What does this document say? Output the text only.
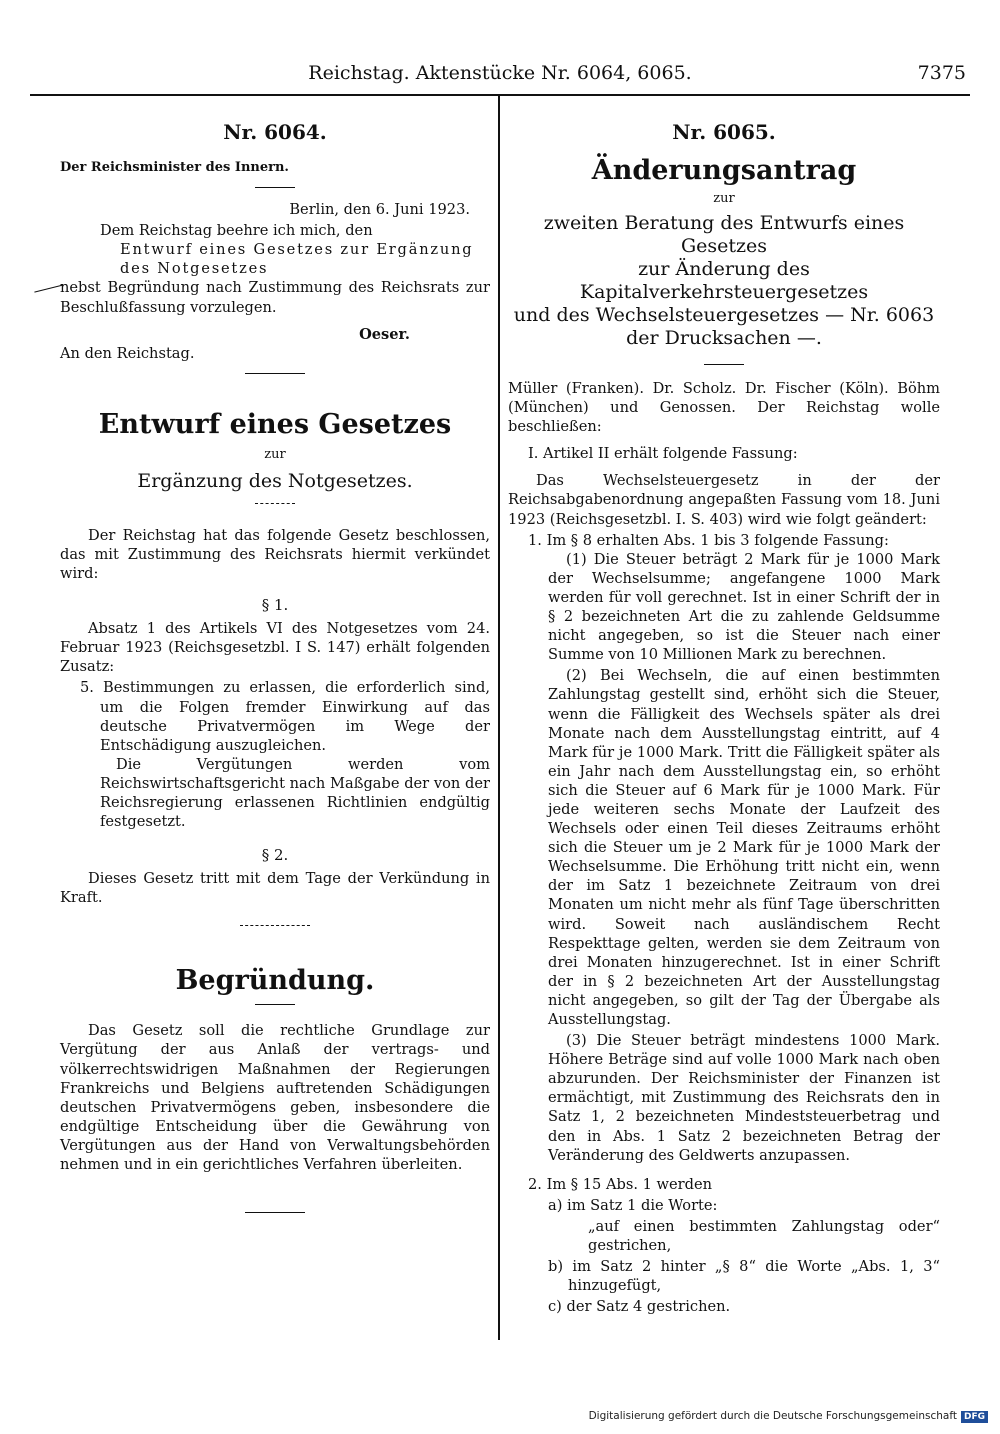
Reichstag. Aktenstücke Nr. 6064, 6065.	7375

Nr. 6064.

Der Reichsminister des Innern.

Berlin, den 6. Juni 1923.

Dem Reichstag beehre ich mich, den

Entwurf eines Gesetzes zur Ergänzung

des Notgesetzes

nebst Begründung nach Zustimmung des Reichsrats zur Beschlußfassung vorzulegen.

Oeser.

An den Reichstag.

Entwurf eines Gesetzes

zur

Ergänzung des Notgesetzes.

Der Reichstag hat das folgende Gesetz beschlossen, das mit Zustimmung des Reichsrats hiermit verkündet wird:

§ 1.

Absatz 1 des Artikels VI des Notgesetzes vom 24. Februar 1923 (Reichsgesetzbl. I S. 147) erhält folgenden Zusatz:

5. Bestimmungen zu erlassen, die erforderlich sind, um die Folgen fremder Einwirkung auf das deutsche Privatvermögen im Wege der Entschädigung auszugleichen.

Die Vergütungen werden vom Reichswirtschaftsgericht nach Maßgabe der von der Reichsregierung erlassenen Richtlinien endgültig festgesetzt.

§ 2.

Dieses Gesetz tritt mit dem Tage der Verkündung in Kraft.

Begründung.

Das Gesetz soll die rechtliche Grundlage zur Vergütung der aus Anlaß der vertrags- und völkerrechtswidrigen Maßnahmen der Regierungen Frankreichs und Belgiens auftretenden Schädigungen deutschen Privatvermögens geben, insbesondere die endgültige Entscheidung über die Gewährung von Vergütungen aus der Hand von Verwaltungsbehörden nehmen und in ein gerichtliches Verfahren überleiten.

Nr. 6065.

Änderungsantrag

zur

zweiten Beratung des Entwurfs eines Gesetzes

zur Änderung des Kapitalverkehrsteuergesetzes

und des Wechselsteuergesetzes — Nr. 6063

der Drucksachen —.

Müller (Franken). Dr. Scholz. Dr. Fischer (Köln). Böhm (München) und Genossen. Der Reichstag wolle beschließen:

I. Artikel II erhält folgende Fassung:

Das Wechselsteuergesetz in der der Reichsabgabenordnung angepaßten Fassung vom 18. Juni 1923 (Reichsgesetzbl. I. S. 403) wird wie folgt geändert:

1. Im § 8 erhalten Abs. 1 bis 3 folgende Fassung:

(1) Die Steuer beträgt 2 Mark für je 1000 Mark der Wechselsumme; angefangene 1000 Mark werden für voll gerechnet. Ist in einer Schrift der in § 2 bezeichneten Art die zu zahlende Geldsumme nicht angegeben, so ist die Steuer nach einer Summe von 10 Millionen Mark zu berechnen.

(2) Bei Wechseln, die auf einen bestimmten Zahlungstag gestellt sind, erhöht sich die Steuer, wenn die Fälligkeit des Wechsels später als drei Monate nach dem Ausstellungstag eintritt, auf 4 Mark für je 1000 Mark. Tritt die Fälligkeit später als ein Jahr nach dem Ausstellungstag ein, so erhöht sich die Steuer auf 6 Mark für je 1000 Mark. Für jede weiteren sechs Monate der Laufzeit des Wechsels oder einen Teil dieses Zeitraums erhöht sich die Steuer um je 2 Mark für je 1000 Mark der Wechselsumme. Die Erhöhung tritt nicht ein, wenn der im Satz 1 bezeichnete Zeitraum von drei Monaten um nicht mehr als fünf Tage überschritten wird. Soweit nach ausländischem Recht Respekttage gelten, werden sie dem Zeitraum von drei Monaten hinzugerechnet. Ist in einer Schrift der in § 2 bezeichneten Art der Ausstellungstag nicht angegeben, so gilt der Tag der Übergabe als Ausstellungstag.

(3) Die Steuer beträgt mindestens 1000 Mark. Höhere Beträge sind auf volle 1000 Mark nach oben abzurunden. Der Reichsminister der Finanzen ist ermächtigt, mit Zustimmung des Reichsrats den in Satz 1, 2 bezeichneten Mindeststeuerbetrag und den in Abs. 1 Satz 2 bezeichneten Betrag der Veränderung des Geldwerts anzupassen.

2. Im § 15 Abs. 1 werden

a) im Satz 1 die Worte:

„auf einen bestimmten Zahlungstag oder“ gestrichen,

b) im Satz 2 hinter „§ 8“ die Worte „Abs. 1, 3“ hinzugefügt,

c) der Satz 4 gestrichen.

Digitalisierung gefördert durch die Deutsche Forschungsgemeinschaft DFG
